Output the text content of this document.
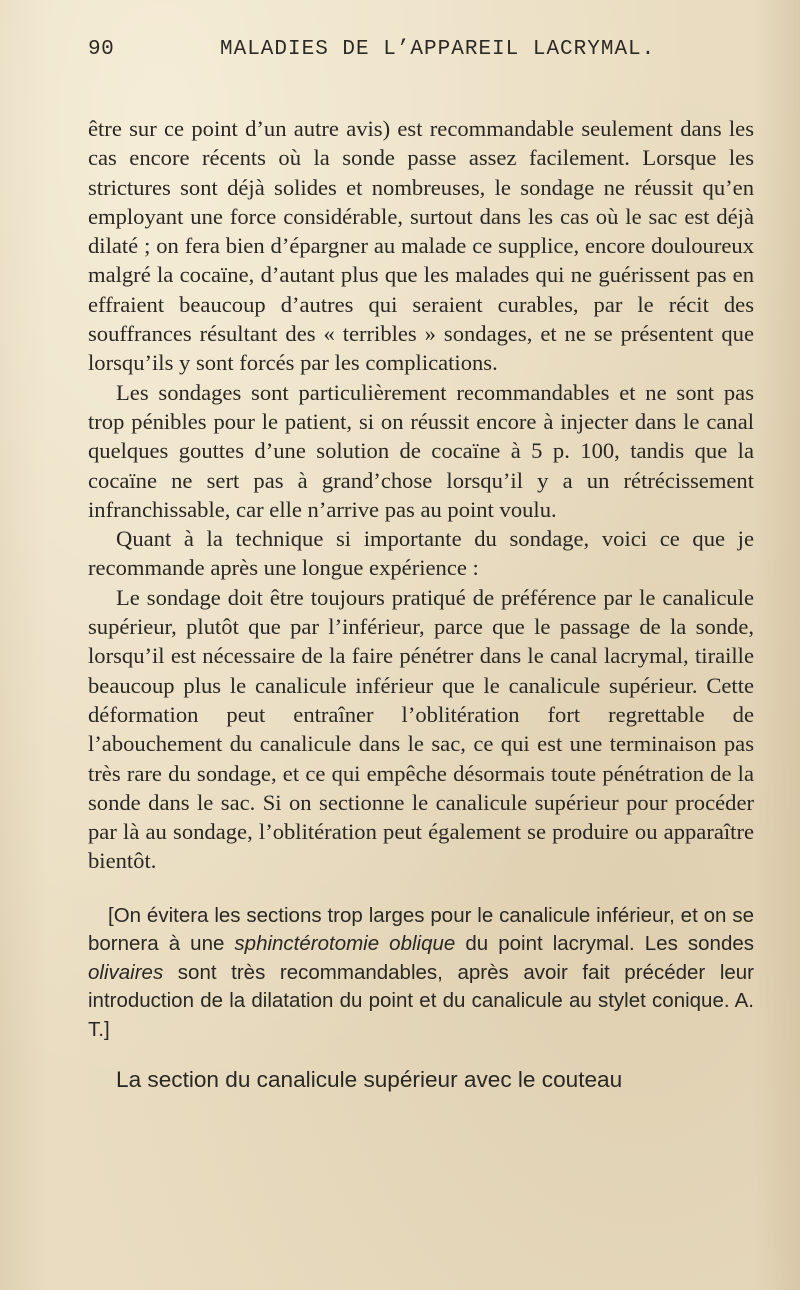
90	MALADIES DE L’APPAREIL LACRYMAL.

être sur ce point d’un autre avis) est recommandable seulement dans les cas encore récents où la sonde passe assez facilement. Lorsque les strictures sont déjà solides et nombreuses, le sondage ne réussit qu’en employant une force considérable, surtout dans les cas où le sac est déjà dilaté ; on fera bien d’épargner au malade ce supplice, encore douloureux malgré la cocaïne, d’autant plus que les malades qui ne guérissent pas en effraient beaucoup d’autres qui seraient curables, par le récit des souffrances résultant des « terribles » sondages, et ne se présentent que lorsqu’ils y sont forcés par les complications.

Les sondages sont particulièrement recommandables et ne sont pas trop pénibles pour le patient, si on réussit encore à injecter dans le canal quelques gouttes d’une solution de cocaïne à 5 p. 100, tandis que la cocaïne ne sert pas à grand’chose lorsqu’il y a un rétrécissement infranchissable, car elle n’arrive pas au point voulu.

Quant à la technique si importante du sondage, voici ce que je recommande après une longue expérience :

Le sondage doit être toujours pratiqué de préférence par le canalicule supérieur, plutôt que par l’inférieur, parce que le passage de la sonde, lorsqu’il est nécessaire de la faire pénétrer dans le canal lacrymal, tiraille beaucoup plus le canalicule inférieur que le canalicule supérieur. Cette déformation peut entraîner l’oblitération fort regrettable de l’abouchement du canalicule dans le sac, ce qui est une terminaison pas très rare du sondage, et ce qui empêche désormais toute pénétration de la sonde dans le sac. Si on sectionne le canalicule supérieur pour procéder par là au sondage, l’oblitération peut également se produire ou apparaître bientôt.

[On évitera les sections trop larges pour le canalicule inférieur, et on se bornera à une sphinctérotomie oblique du point lacrymal. Les sondes olivaires sont très recommandables, après avoir fait précéder leur introduction de la dilatation du point et du canalicule au stylet conique. A. T.]

La section du canalicule supérieur avec le couteau
